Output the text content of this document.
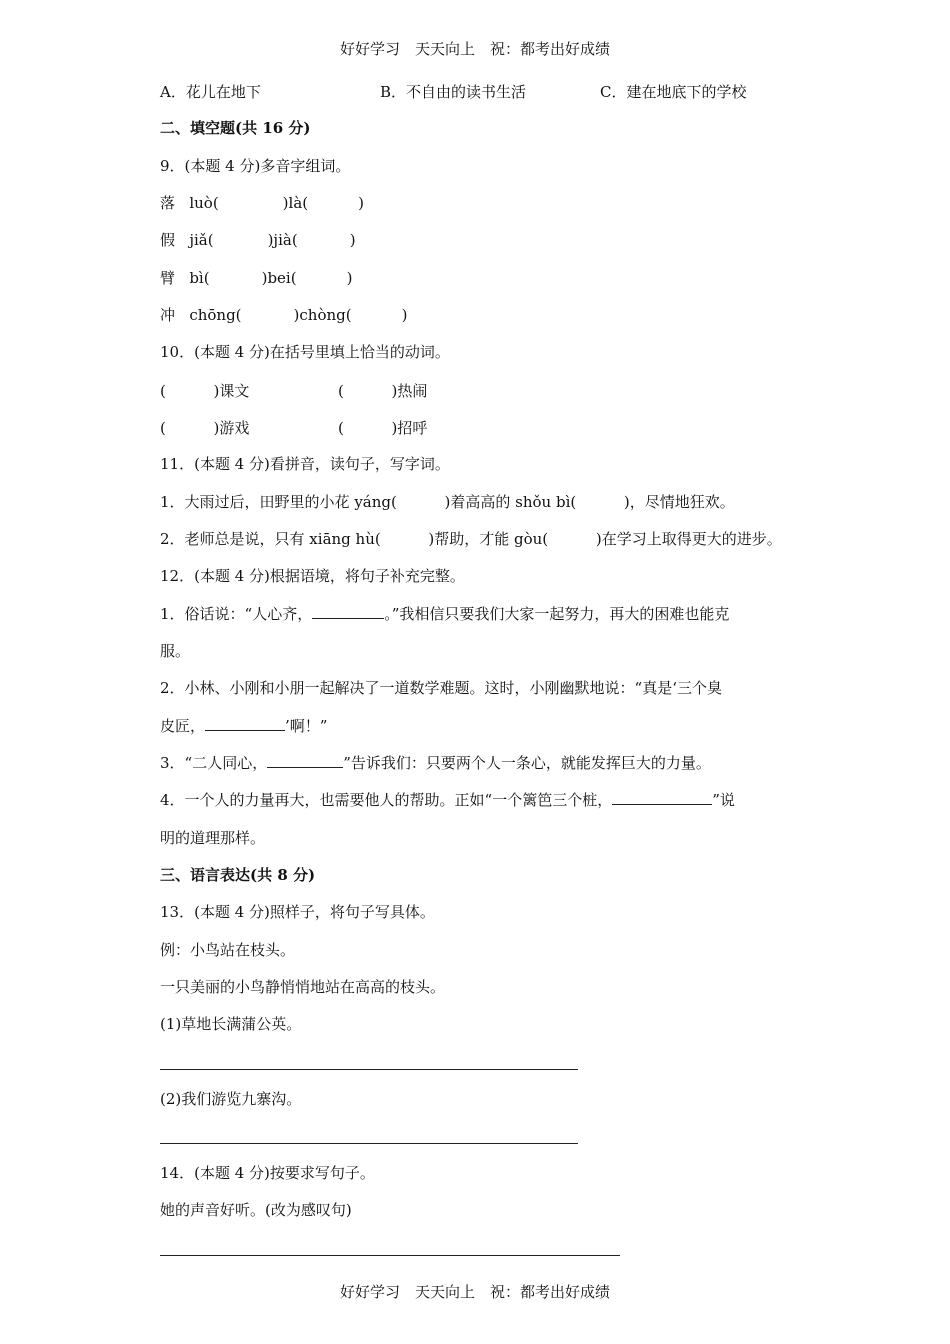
好好学习　天天向上　祝：都考出好成绩
A．花儿在地下	B．不自由的读书生活	C．建在地底下的学校
二、填空题(共 16 分)
9．(本题 4 分)多音字组词。
落 luò(	)là(	)
假 jiǎ(	)jià(	)
臂 bì(	)bei(	)
冲 chōng(	)chòng(	)
10．(本题 4 分)在括号里填上恰当的动词。
(          )课文	(          )热闹
(          )游戏	(          )招呼
11．(本题 4 分)看拼音，读句子，写字词。
1．大雨过后，田野里的小花 yáng(          )着高高的 shǒu bì(          )，尽情地狂欢。
2．老师总是说，只有 xiāng hù(          )帮助，才能 gòu(          )在学习上取得更大的进步。
12．(本题 4 分)根据语境，将句子补充完整。
1．俗话说：“人心齐，	。”我相信只要我们大家一起努力，再大的困难也能克
服。
2．小林、小刚和小朋一起解决了一道数学难题。这时，小刚幽默地说：“真是‘三个臭
皮匠，	’啊！”
3．“二人同心，	”告诉我们：只要两个人一条心，就能发挥巨大的力量。
4．一个人的力量再大，也需要他人的帮助。正如“一个篱笆三个桩，	”说
明的道理那样。
三、语言表达(共 8 分)
13．(本题 4 分)照样子，将句子写具体。
例：小鸟站在枝头。
一只美丽的小鸟静悄悄地站在高高的枝头。
(1)草地长满蒲公英。
(2)我们游览九寨沟。
14．(本题 4 分)按要求写句子。
她的声音好听。(改为感叹句)
好好学习　天天向上　祝：都考出好成绩
